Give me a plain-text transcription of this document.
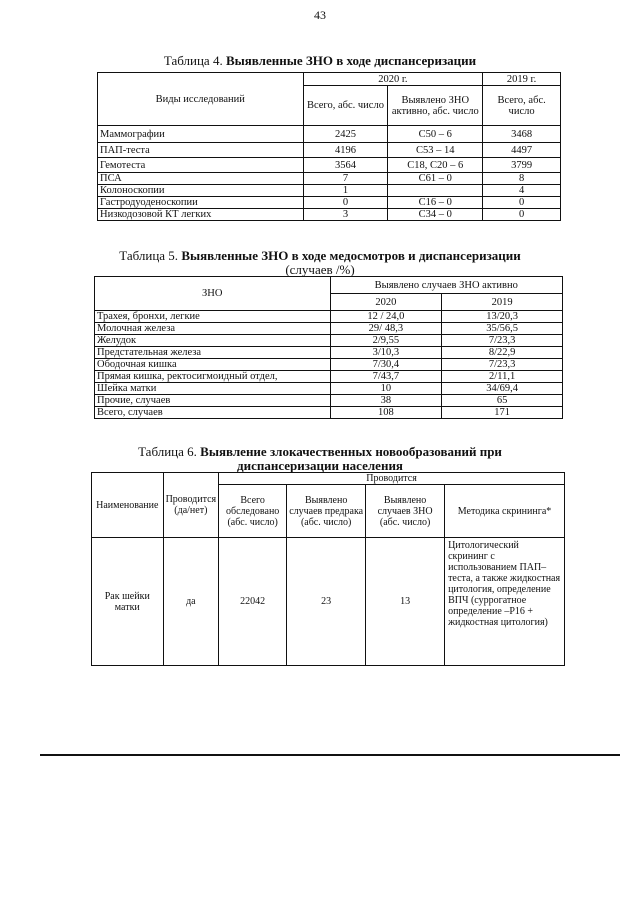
43
Таблица 4. Выявленные ЗНО в ходе диспансеризации
Виды исследований	2020 г.		2019 г.
	Всего, абс. число	Выявлено ЗНО активно, абс. число	Всего, абс. число
Маммографии	2425	С50 – 6	3468
ПАП-теста	4196	С53 – 14	4497
Гемотеста	3564	С18, С20 – 6	3799
ПСА	7	С61 – 0	8
Колоноскопии	1		4
Гастродуоденоскопии	0	С16 – 0	0
Низкодозовой КТ легких	3	С34 – 0	0
Таблица 5. Выявленные ЗНО в ходе медосмотров и диспансеризации
(случаев /%)
ЗНО	Выявлено случаев ЗНО активно	
	2020	2019
Трахея, бронхи, легкие	12 / 24,0	13/20,3
Молочная железа	29/ 48,3	35/56,5
Желудок	2/9,55	7/23,3
Предстательная железа	3/10,3	8/22,9
Ободочная кишка	7/30,4	7/23,3
Прямая кишка, ректосигмоидный отдел,	7/43,7	2/11,1
Шейка матки	10	34/69,4
Прочие, случаев	38	65
Всего, случаев	108	171
Таблица 6. Выявление злокачественных новообразований при
диспансеризации населения
Наименование	Проводится (да/нет)	Проводится			
		Всего обследовано (абс. число)	Выявлено случаев предрака (абс. число)	Выявлено случаев ЗНО (абс. число)	Методика скрининга*
Рак шейки матки	да	22042	23	13	Цитологический скрининг с использованием ПАП–теста, а также жидкостная цитология, определение ВПЧ (суррогатное определение –Р16 + жидкостная цитология)
